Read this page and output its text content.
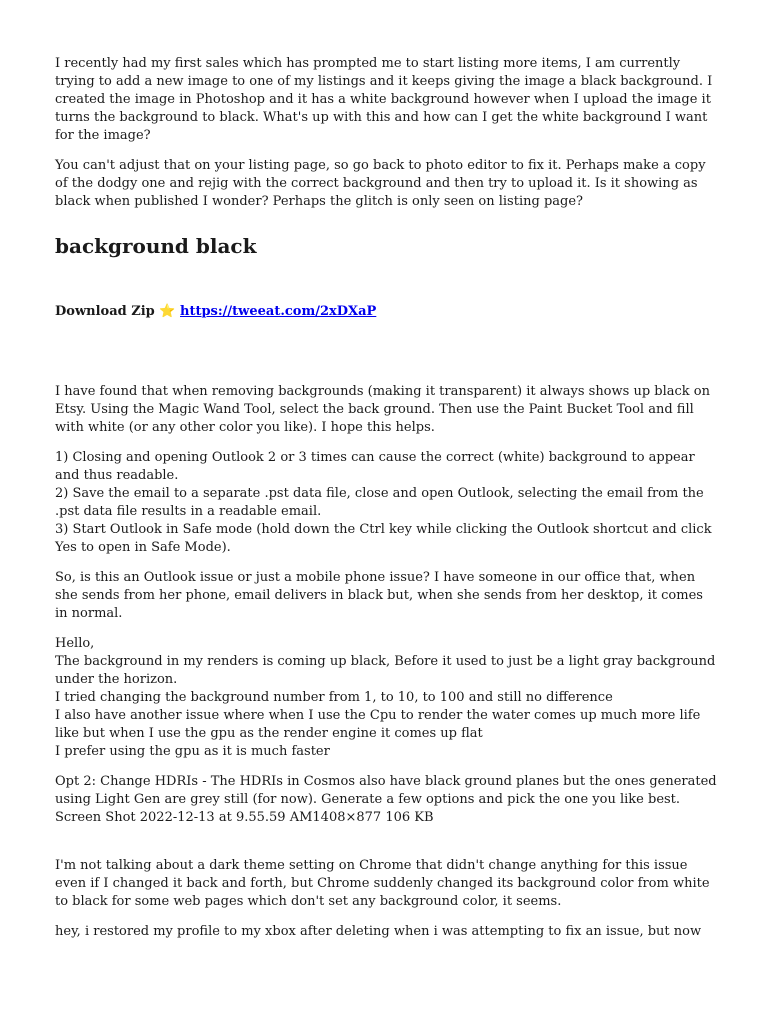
I recently had my first sales which has prompted me to start listing more items, I am currently trying to add a new image to one of my listings and it keeps giving the image a black background. I created the image in Photoshop and it has a white background however when I upload the image it turns the background to black. What's up with this and how can I get the white background I want for the image?

You can't adjust that on your listing page, so go back to photo editor to fix it. Perhaps make a copy of the dodgy one and rejig with the correct background and then try to upload it. Is it showing as black when published I wonder? Perhaps the glitch is only seen on listing page?

background black
Download Zip ⭐ https://tweeat.com/2xDXaP

I have found that when removing backgrounds (making it transparent) it always shows up black on Etsy. Using the Magic Wand Tool, select the back ground. Then use the Paint Bucket Tool and fill with white (or any other color you like). I hope this helps.

1) Closing and opening Outlook 2 or 3 times can cause the correct (white) background to appear and thus readable.
2) Save the email to a separate .pst data file, close and open Outlook, selecting the email from the .pst data file results in a readable email.
3) Start Outlook in Safe mode (hold down the Ctrl key while clicking the Outlook shortcut and click Yes to open in Safe Mode).

So, is this an Outlook issue or just a mobile phone issue? I have someone in our office that, when she sends from her phone, email delivers in black but, when she sends from her desktop, it comes in normal.

Hello,
The background in my renders is coming up black, Before it used to just be a light gray background under the horizon.
I tried changing the background number from 1, to 10, to 100 and still no difference
I also have another issue where when I use the Cpu to render the water comes up much more life like but when I use the gpu as the render engine it comes up flat
I prefer using the gpu as it is much faster

Opt 2: Change HDRIs - The HDRIs in Cosmos also have black ground planes but the ones generated using Light Gen are grey still (for now). Generate a few options and pick the one you like best.
Screen Shot 2022-12-13 at 9.55.59 AM1408×877 106 KB

I'm not talking about a dark theme setting on Chrome that didn't change anything for this issue even if I changed it back and forth, but Chrome suddenly changed its background color from white to black for some web pages which don't set any background color, it seems.

hey, i restored my profile to my xbox after deleting when i was attempting to fix an issue, but now
